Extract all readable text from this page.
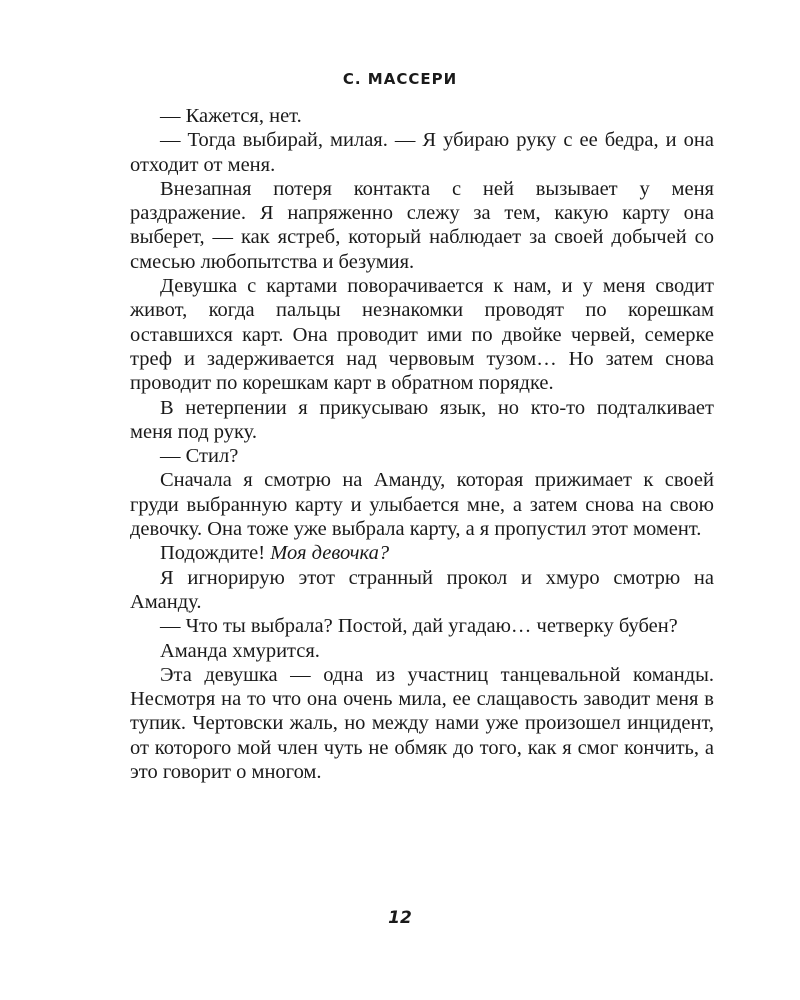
С. МАССЕРИ

— Кажется, нет.

— Тогда выбирай, милая. — Я убираю руку с ее бедра, и она отходит от меня.

Внезапная потеря контакта с ней вызывает у меня раздражение. Я напряженно слежу за тем, какую карту она выберет, — как ястреб, который наблюдает за своей добычей со смесью любопытства и безумия.

Девушка с картами поворачивается к нам, и у меня сводит живот, когда пальцы незнакомки проводят по корешкам оставшихся карт. Она проводит ими по двойке червей, семерке треф и задерживается над червовым тузом… Но затем снова проводит по корешкам карт в обратном порядке.

В нетерпении я прикусываю язык, но кто-то подталкивает меня под руку.

— Стил?

Сначала я смотрю на Аманду, которая прижимает к своей груди выбранную карту и улыбается мне, а затем снова на свою девочку. Она тоже уже выбрала карту, а я пропустил этот момент.

Подождите! Моя девочка?

Я игнорирую этот странный прокол и хмуро смотрю на Аманду.

— Что ты выбрала? Постой, дай угадаю… четверку бубен?

Аманда хмурится.

Эта девушка — одна из участниц танцевальной команды. Несмотря на то что она очень мила, ее слащавость заводит меня в тупик. Чертовски жаль, но между нами уже произошел инцидент, от которого мой член чуть не обмяк до того, как я смог кончить, а это говорит о многом.

12
